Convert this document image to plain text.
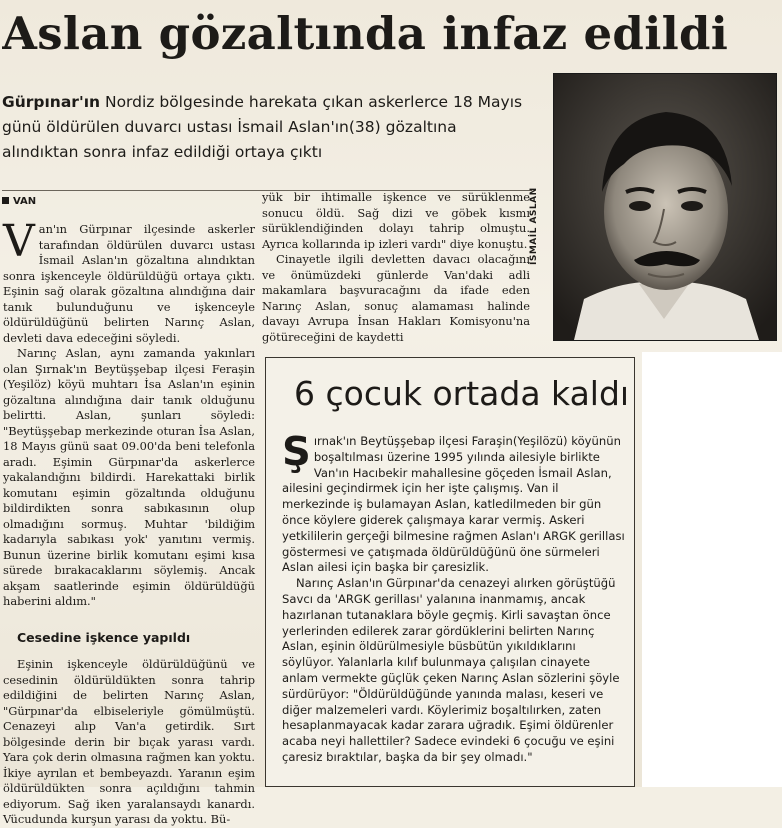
Aslan gözaltında infaz edildi
Gürpınar'ın Nordiz bölgesinde harekata çıkan askerlerce 18 Mayıs günü öldürülen duvarcı ustası İsmail Aslan'ın(38) gözaltına alındıktan sonra infaz edildiği ortaya çıktı
VAN	İSMAİL ASLAN

Van'ın Gürpınar ilçesinde askerler tarafından öldürülen duvarcı ustası İsmail Aslan'ın gözaltına alındıktan sonra işkenceyle öldürüldüğü ortaya çıktı. Eşinin sağ olarak gözaltına alındığına dair tanık bulunduğunu ve işkenceyle öldürüldüğünü belirten Narınç Aslan, devleti dava edeceğini söyledi.

Narınç Aslan, aynı zamanda yakınları olan Şırnak'ın Beytüşşebap ilçesi Feraşin (Yeşilöz) köyü muhtarı İsa Aslan'ın eşinin gözaltına alındığına dair tanık olduğunu belirtti. Aslan, şunları söyledi: "Beytüşşebap merkezinde oturan İsa Aslan, 18 Mayıs günü saat 09.00'da beni telefonla aradı. Eşimin Gürpınar'da askerlerce yakalandığını bildirdi. Harekattaki birlik komutanı eşimin gözaltında olduğunu bildirdikten sonra sabıkasının olup olmadığını sormuş. Muhtar 'bildiğim kadarıyla sabıkası yok' yanıtını vermiş. Bunun üzerine birlik komutanı eşimi kısa sürede bırakacaklarını söylemiş. Ancak akşam saatlerinde eşimin öldürüldüğü haberini aldım."

Cesedine işkence yapıldı

Eşinin işkenceyle öldürüldüğünü ve cesedinin öldürüldükten sonra tahrip edildiğini de belirten Narınç Aslan, "Gürpınar'da elbiseleriyle gömülmüştü. Cenazeyi alıp Van'a getirdik. Sırt bölgesinde derin bir bıçak yarası vardı. Yara çok derin olmasına rağmen kan yoktu. İkiye ayrılan et bembeyazdı. Yaranın eşim öldürüldükten sonra açıldığını tahmin ediyorum. Sağ iken yaralansaydı kanardı. Vücudunda kurşun yarası da yoktu. Bü-

yük bir ihtimalle işkence ve sürüklenme sonucu öldü. Sağ dizi ve göbek kısmı sürüklendiğinden dolayı tahrip olmuştu. Ayrıca kollarında ip izleri vardı" diye konuştu.

Cinayetle ilgili devletten davacı olacağını ve önümüzdeki günlerde Van'daki adli makamlara başvuracağını da ifade eden Narınç Aslan, sonuç alamaması halinde davayı Avrupa İnsan Hakları Komisyonu'na götüreceğini de kaydetti

6 çocuk ortada kaldı

Şırnak'ın Beytüşşebap ilçesi Faraşin(Yeşilözü) köyünün boşaltılması üzerine 1995 yılında ailesiyle birlikte Van'ın Hacıbekir mahallesine göçeden İsmail Aslan, ailesini geçindirmek için her işte çalışmış. Van il merkezinde iş bulamayan Aslan, katledilmeden bir gün önce köylere giderek çalışmaya karar vermiş. Askeri yetkililerin gerçeği bilmesine rağmen Aslan'ı ARGK gerillası göstermesi ve çatışmada öldürüldüğünü öne sürmeleri Aslan ailesi için başka bir çaresizlik.

Narınç Aslan'ın Gürpınar'da cenazeyi alırken görüştüğü Savcı da 'ARGK gerillası' yalanına inanmamış, ancak hazırlanan tutanaklara böyle geçmiş. Kirli savaştan önce yerlerinden edilerek zarar gördüklerini belirten Narınç Aslan, eşinin öldürülmesiyle büsbütün yıkıldıklarını söylüyor. Yalanlarla kılıf bulunmaya çalışılan cinayete anlam vermekte güçlük çeken Narınç Aslan sözlerini şöyle sürdürüyor: "Öldürüldüğünde yanında malası, keseri ve diğer malzemeleri vardı. Köylerimiz boşaltılırken, zaten hesaplanmayacak kadar zarara uğradık. Eşimi öldürenler acaba neyi hallettiler? Sadece evindeki 6 çocuğu ve eşini çaresiz bıraktılar, başka da bir şey olmadı."
